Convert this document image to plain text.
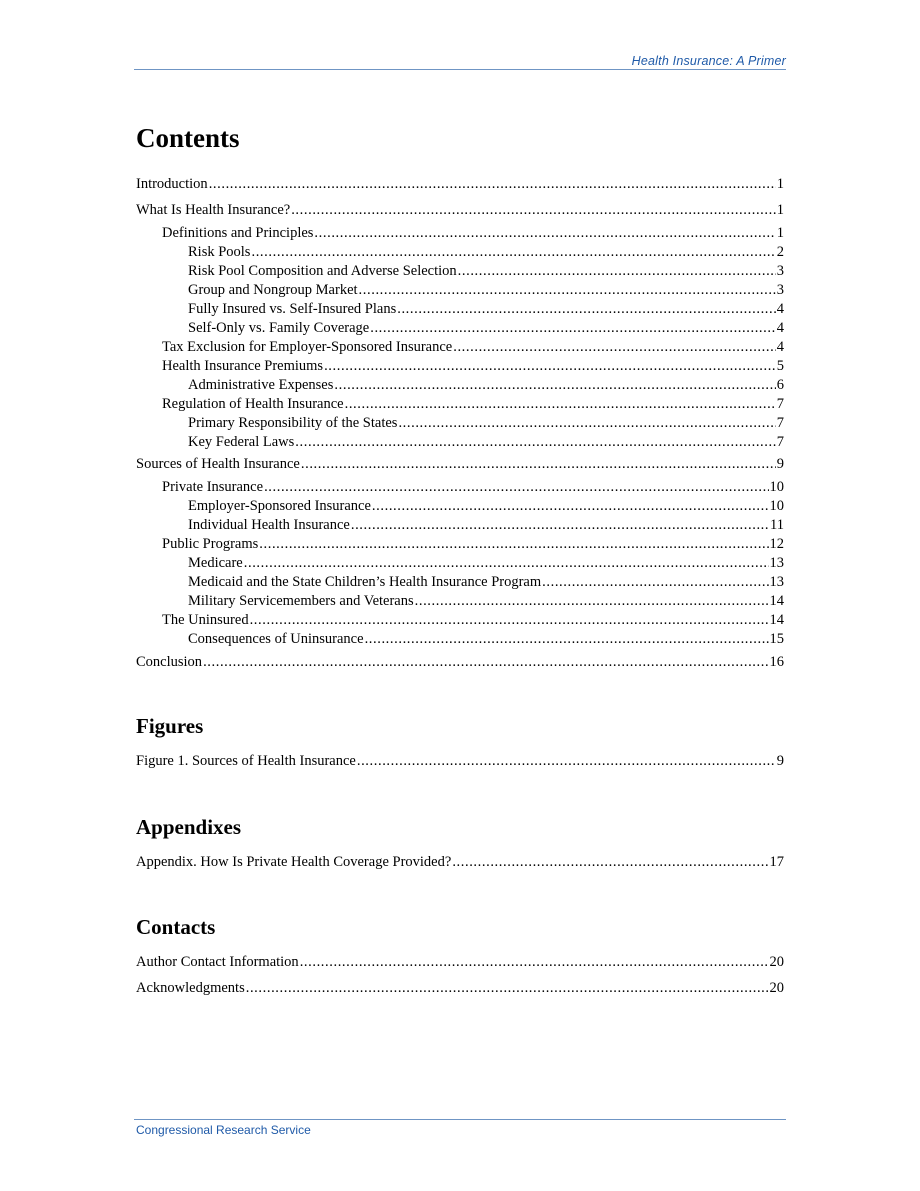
Health Insurance: A Primer
Contents
Introduction .....	1
What Is Health Insurance? .....	1
Definitions and Principles .....	1
Risk Pools .....	2
Risk Pool Composition and Adverse Selection .....	3
Group and Nongroup Market .....	3
Fully Insured vs. Self-Insured Plans .....	4
Self-Only vs. Family Coverage .....	4
Tax Exclusion for Employer-Sponsored Insurance .....	4
Health Insurance Premiums .....	5
Administrative Expenses .....	6
Regulation of Health Insurance .....	7
Primary Responsibility of the States .....	7
Key Federal Laws .....	7
Sources of Health Insurance .....	9
Private Insurance .....	10
Employer-Sponsored Insurance .....	10
Individual Health Insurance .....	11
Public Programs .....	12
Medicare .....	13
Medicaid and the State Children’s Health Insurance Program .....	13
Military Servicemembers and Veterans .....	14
The Uninsured .....	14
Consequences of Uninsurance .....	15
Conclusion .....	16
Figures
Figure 1. Sources of Health Insurance .....	9
Appendixes
Appendix. How Is Private Health Coverage Provided? .....	17
Contacts
Author Contact Information .....	20
Acknowledgments .....	20
Congressional Research Service
